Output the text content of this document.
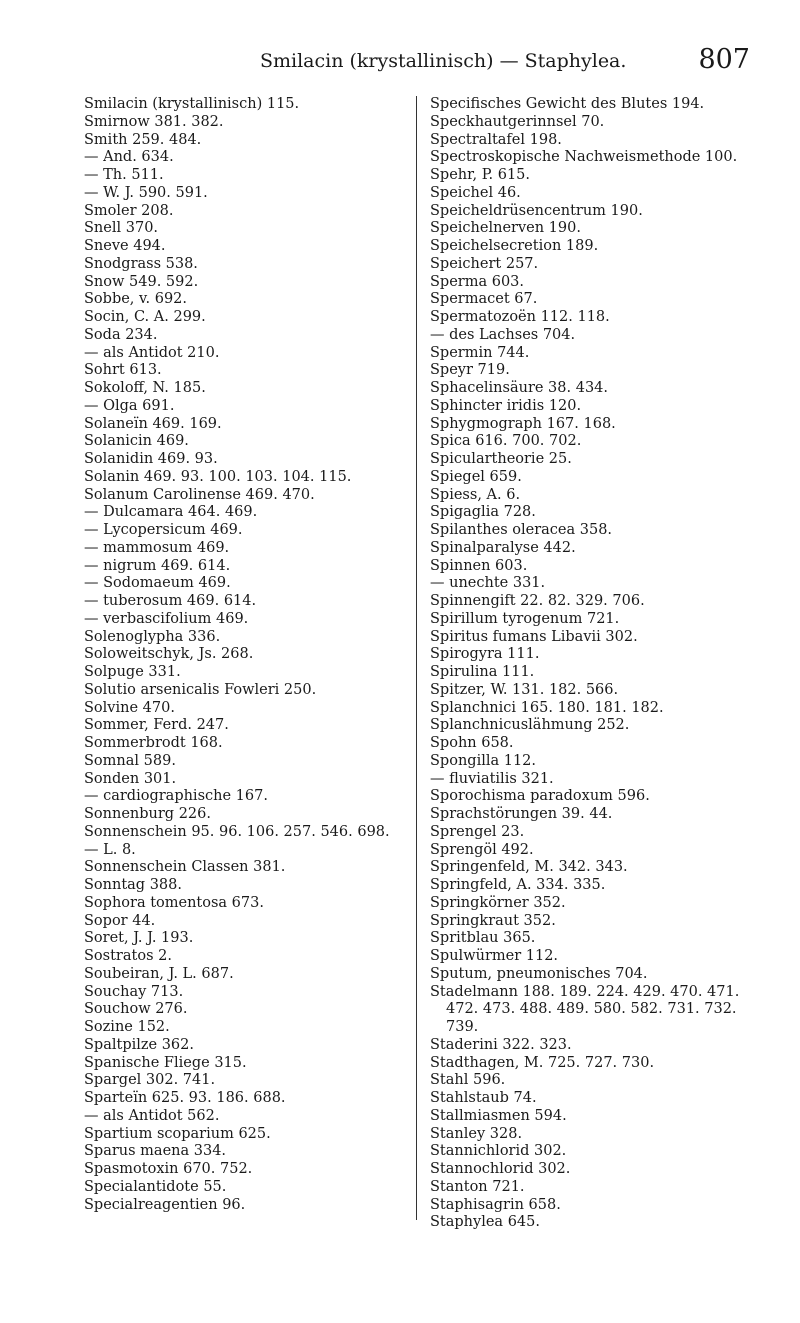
Smilacin (krystallinisch) — Staphylea.	807

Smilacin (krystallinisch) 115.

Smirnow 381. 382.

Smith 259. 484.

— And. 634.

— Th. 511.

— W. J. 590. 591.

Smoler 208.

Snell 370.

Sneve 494.

Snodgrass 538.

Snow 549. 592.

Sobbe, v. 692.

Socin, C. A. 299.

Soda 234.

— als Antidot 210.

Sohrt 613.

Sokoloff, N. 185.

— Olga 691.

Solaneïn 469. 169.

Solanicin 469.

Solanidin 469. 93.

Solanin 469. 93. 100. 103. 104. 115.

Solanum Carolinense 469. 470.

— Dulcamara 464. 469.

— Lycopersicum 469.

— mammosum 469.

— nigrum 469. 614.

— Sodomaeum 469.

— tuberosum 469. 614.

— verbascifolium 469.

Solenoglypha 336.

Soloweitschyk, Js. 268.

Solpuge 331.

Solutio arsenicalis Fowleri 250.

Solvine 470.

Sommer, Ferd. 247.

Sommerbrodt 168.

Somnal 589.

Sonden 301.

— cardiographische 167.

Sonnenburg 226.

Sonnenschein 95. 96. 106. 257. 546. 698.

— L. 8.

Sonnenschein Classen 381.

Sonntag 388.

Sophora tomentosa 673.

Sopor 44.

Soret, J. J. 193.

Sostratos 2.

Soubeiran, J. L. 687.

Souchay 713.

Souchow 276.

Sozine 152.

Spaltpilze 362.

Spanische Fliege 315.

Spargel 302. 741.

Sparteïn 625. 93. 186. 688.

— als Antidot 562.

Spartium scoparium 625.

Sparus maena 334.

Spasmotoxin 670. 752.

Specialantidote 55.

Specialreagentien 96.

Specifisches Gewicht des Blutes 194.

Speckhautgerinnsel 70.

Spectraltafel 198.

Spectroskopische Nachweismethode 100.

Spehr, P. 615.

Speichel 46.

Speicheldrüsencentrum 190.

Speichelnerven 190.

Speichelsecretion 189.

Speichert 257.

Sperma 603.

Spermacet 67.

Spermatozoën 112. 118.

— des Lachses 704.

Spermin 744.

Speyr 719.

Sphacelinsäure 38. 434.

Sphincter iridis 120.

Sphygmograph 167. 168.

Spica 616. 700. 702.

Spiculartheorie 25.

Spiegel 659.

Spiess, A. 6.

Spigaglia 728.

Spilanthes oleracea 358.

Spinalparalyse 442.

Spinnen 603.

— unechte 331.

Spinnengift 22. 82. 329. 706.

Spirillum tyrogenum 721.

Spiritus fumans Libavii 302.

Spirogyra 111.

Spirulina 111.

Spitzer, W. 131. 182. 566.

Splanchnici 165. 180. 181. 182.

Splanchnicuslähmung 252.

Spohn 658.

Spongilla 112.

— fluviatilis 321.

Sporochisma paradoxum 596.

Sprachstörungen 39. 44.

Sprengel 23.

Sprengöl 492.

Springenfeld, M. 342. 343.

Springfeld, A. 334. 335.

Springkörner 352.

Springkraut 352.

Spritblau 365.

Spulwürmer 112.

Sputum, pneumonisches 704.

Stadelmann 188. 189. 224. 429. 470. 471. 472. 473. 488. 489. 580. 582. 731. 732. 739.

Staderini 322. 323.

Stadthagen, M. 725. 727. 730.

Stahl 596.

Stahlstaub 74.

Stallmiasmen 594.

Stanley 328.

Stannichlorid 302.

Stannochlorid 302.

Stanton 721.

Staphisagrin 658.

Staphylea 645.
